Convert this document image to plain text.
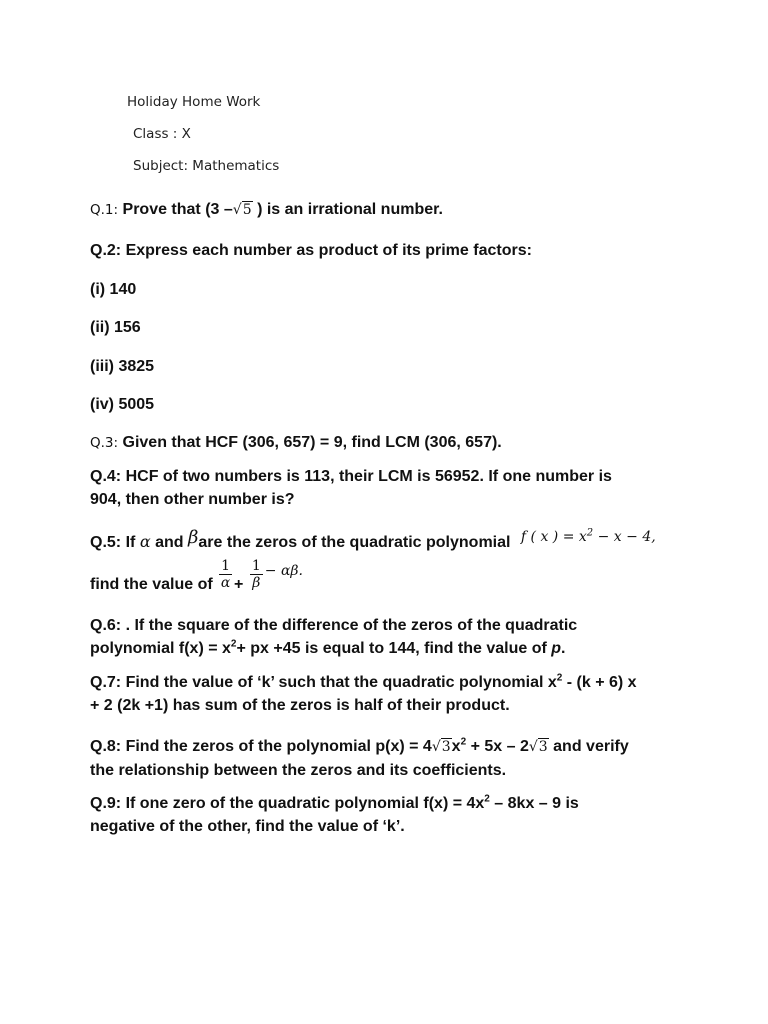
Holiday Home Work
Class : X
Subject: Mathematics
Q.1: Prove that (3 –√5 ) is an irrational number.
Q.2: Express each number as product of its prime factors:
(i) 140
(ii) 156
(iii) 3825
(iv) 5005
Q.3: Given that HCF (306, 657) = 9, find LCM (306, 657).
Q.4: HCF of two numbers is 113, their LCM is 56952. If one number is
904, then other number is?
Q.5: If α and βare the zeros of the quadratic polynomial f ( x ) = $x^2 - x - 4$,
find the value of $\frac{1}{\alpha} + \frac{1}{\beta} - \alpha\beta$.
Q.6: . If the square of the difference of the zeros of the quadratic
polynomial $f(x) = x^2+$ px +45 is equal to 144, find the value of p.
Q.7: Find the value of ‘k’ such that the quadratic polynomial $x^2 - (k + 6)$ x
+ 2 (2k +1) has sum of the zeros is half of their product.
Q.8: Find the zeros of the polynomial $p(x) = 4√3x^2 + 5x - 2√3$ and verify
the relationship between the zeros and its coefficients.
Q.9: If one zero of the quadratic polynomial $f(x) = 4x^2 - 8kx - 9$ is
negative of the other, find the value of ‘k’.
